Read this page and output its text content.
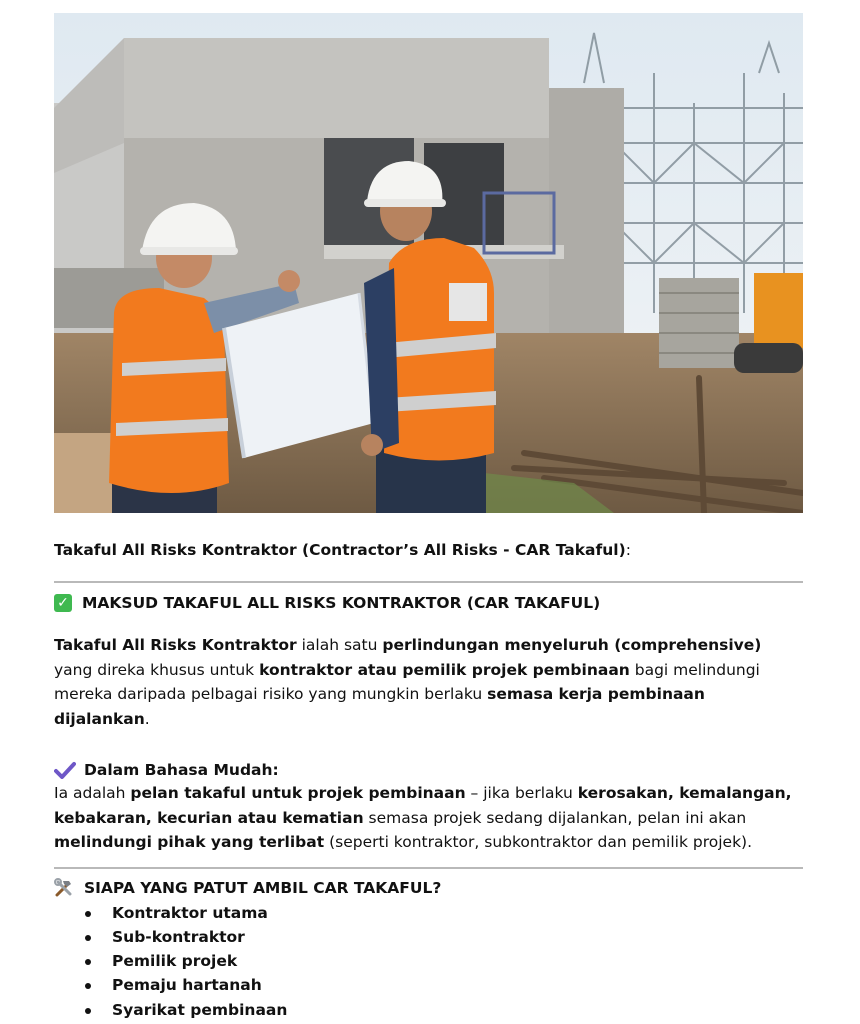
Takaful All Risks Kontraktor (Contractor’s All Risks - CAR Takaful):
✓ MAKSUD TAKAFUL ALL RISKS KONTRAKTOR (CAR TAKAFUL)
Takaful All Risks Kontraktor ialah satu perlindungan menyeluruh (comprehensive) yang direka khusus untuk kontraktor atau pemilik projek pembinaan bagi melindungi mereka daripada pelbagai risiko yang mungkin berlaku semasa kerja pembinaan dijalankan.
Dalam Bahasa Mudah:
Ia adalah pelan takaful untuk projek pembinaan – jika berlaku kerosakan, kemalangan, kebakaran, kecurian atau kematian semasa projek sedang dijalankan, pelan ini akan melindungi pihak yang terlibat (seperti kontraktor, subkontraktor dan pemilik projek).
SIAPA YANG PATUT AMBIL CAR TAKAFUL?
Kontraktor utama
Sub-kontraktor
Pemilik projek
Pemaju hartanah
Syarikat pembinaan
